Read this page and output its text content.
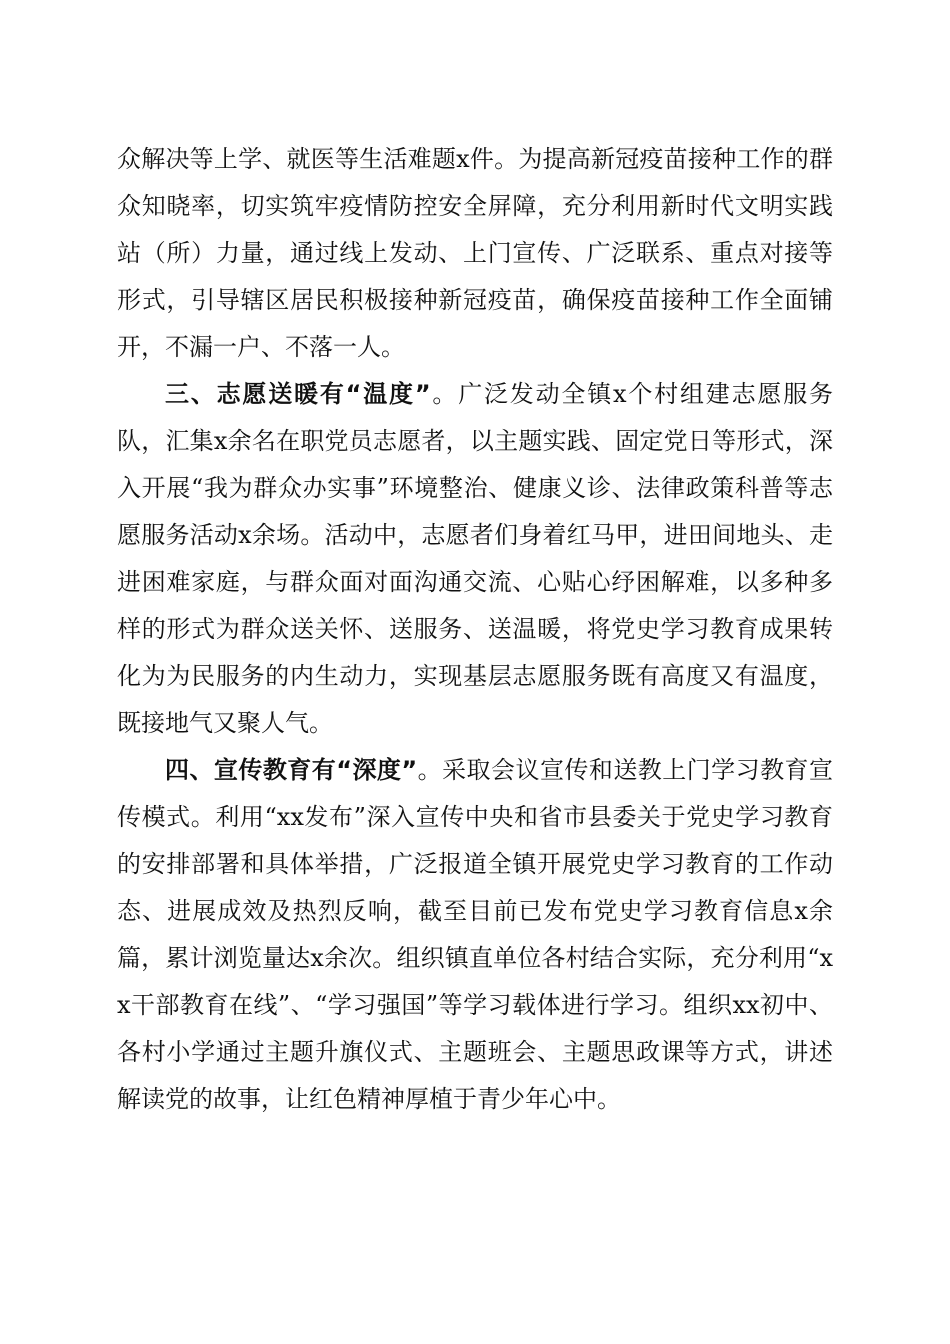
众解决等上学、就医等生活难题x件。为提高新冠疫苗接种工作的群众知晓率，切实筑牢疫情防控安全屏障，充分利用新时代文明实践站（所）力量，通过线上发动、上门宣传、广泛联系、重点对接等形式，引导辖区居民积极接种新冠疫苗，确保疫苗接种工作全面铺开，不漏一户、不落一人。

三、志愿送暖有“温度”。广泛发动全镇x个村组建志愿服务队，汇集x余名在职党员志愿者，以主题实践、固定党日等形式，深入开展“我为群众办实事”环境整治、健康义诊、法律政策科普等志愿服务活动x余场。活动中，志愿者们身着红马甲，进田间地头、走进困难家庭，与群众面对面沟通交流、心贴心纾困解难，以多种多样的形式为群众送关怀、送服务、送温暖，将党史学习教育成果转化为为民服务的内生动力，实现基层志愿服务既有高度又有温度，既接地气又聚人气。

四、宣传教育有“深度”。采取会议宣传和送教上门学习教育宣传模式。利用“xx发布”深入宣传中央和省市县委关于党史学习教育的安排部署和具体举措，广泛报道全镇开展党史学习教育的工作动态、进展成效及热烈反响，截至目前已发布党史学习教育信息x余篇，累计浏览量达x余次。组织镇直单位各村结合实际，充分利用“xx干部教育在线”、“学习强国”等学习载体进行学习。组织xx初中、各村小学通过主题升旗仪式、主题班会、主题思政课等方式，讲述解读党的故事，让红色精神厚植于青少年心中。
